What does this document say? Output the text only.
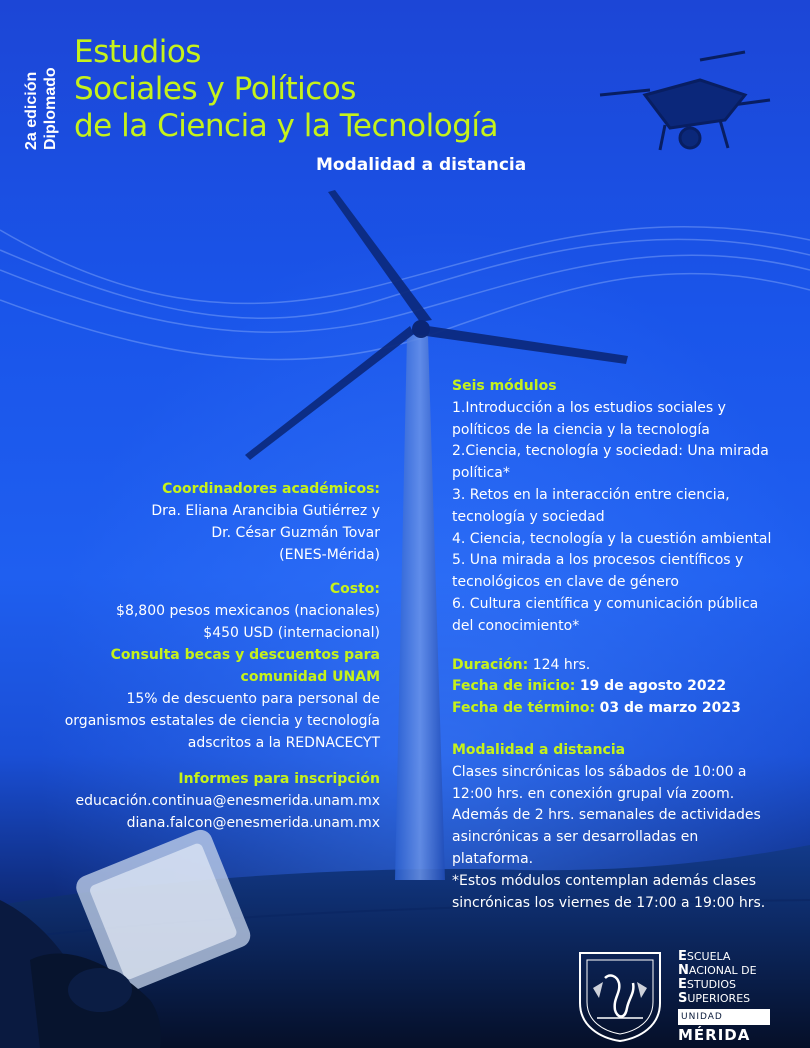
2a edición Diplomado
Estudios
Sociales y Políticos
de la Ciencia y la Tecnología
Modalidad a distancia
Coordinadores académicos:
Dra. Eliana Arancibia Gutiérrez y
Dr. César Guzmán Tovar
(ENES-Mérida)
Costo:
$8,800 pesos mexicanos (nacionales)
$450 USD (internacional)
Consulta becas y descuentos para
comunidad UNAM
15% de descuento para personal de
organismos estatales de ciencia y tecnología
adscritos a la REDNACECYT
Informes para inscripción
educación.continua@enesmerida.unam.mx
diana.falcon@enesmerida.unam.mx
Seis módulos
1.Introducción a los estudios sociales y
políticos de la ciencia y la tecnología
2.Ciencia, tecnología y sociedad: Una mirada
política*
3. Retos en la interacción entre ciencia,
tecnología y sociedad
4. Ciencia, tecnología y la cuestión ambiental
5. Una mirada a los procesos científicos y
tecnológicos en clave de género
6. Cultura científica y comunicación pública
del conocimiento*
Duración: 124 hrs.
Fecha de inicio: 19 de agosto 2022
Fecha de término: 03 de marzo 2023
Modalidad a distancia
Clases sincrónicas los sábados de 10:00 a
12:00 hrs. en conexión grupal vía zoom.
Además de 2 hrs. semanales de actividades
asincrónicas a ser desarrolladas en
plataforma.
*Estos módulos contemplan además clases
sincrónicas los viernes de 17:00 a 19:00 hrs.
ESCUELA
NACIONAL DE
ESTUDIOS
SUPERIORES
UNIDAD
MÉRIDA
